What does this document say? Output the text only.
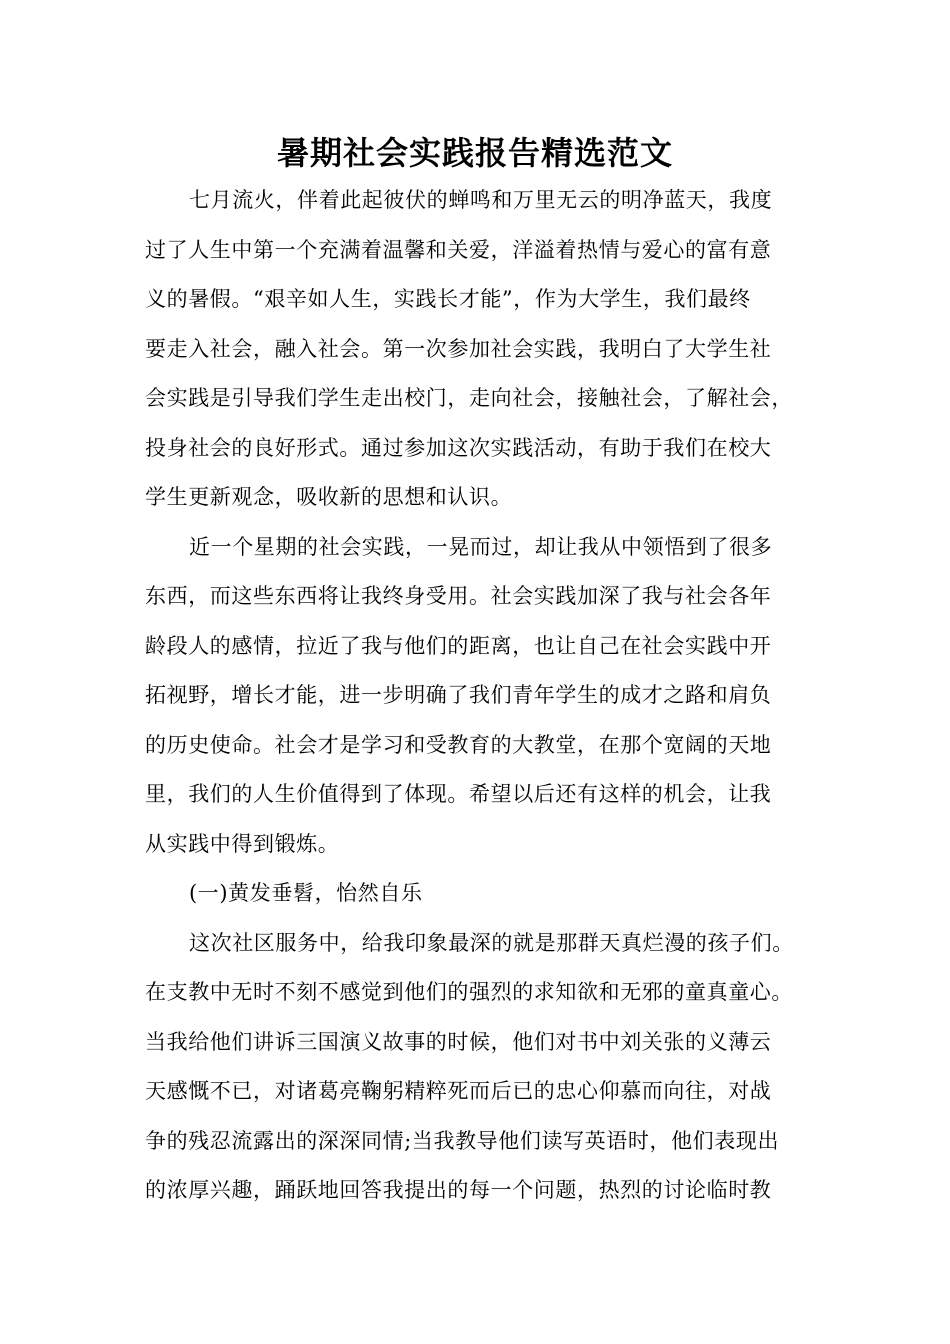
暑期社会实践报告精选范文
七月流火，伴着此起彼伏的蝉鸣和万里无云的明净蓝天，我度
过了人生中第一个充满着温馨和关爱，洋溢着热情与爱心的富有意
义的暑假。“艰辛如人生，实践长才能”，作为大学生，我们最终
要走入社会，融入社会。第一次参加社会实践，我明白了大学生社
会实践是引导我们学生走出校门，走向社会，接触社会，了解社会，
投身社会的良好形式。通过参加这次实践活动，有助于我们在校大
学生更新观念，吸收新的思想和认识。
近一个星期的社会实践，一晃而过，却让我从中领悟到了很多
东西，而这些东西将让我终身受用。社会实践加深了我与社会各年
龄段人的感情，拉近了我与他们的距离，也让自己在社会实践中开
拓视野，增长才能，进一步明确了我们青年学生的成才之路和肩负
的历史使命。社会才是学习和受教育的大教堂，在那个宽阔的天地
里，我们的人生价值得到了体现。希望以后还有这样的机会，让我
从实践中得到锻炼。
(一)黄发垂髫，怡然自乐
这次社区服务中，给我印象最深的就是那群天真烂漫的孩子们。
在支教中无时不刻不感觉到他们的强烈的求知欲和无邪的童真童心。
当我给他们讲诉三国演义故事的时候，他们对书中刘关张的义薄云
天感慨不已，对诸葛亮鞠躬精粹死而后已的忠心仰慕而向往，对战
争的残忍流露出的深深同情;当我教导他们读写英语时，他们表现出
的浓厚兴趣，踊跃地回答我提出的每一个问题，热烈的讨论临时教
